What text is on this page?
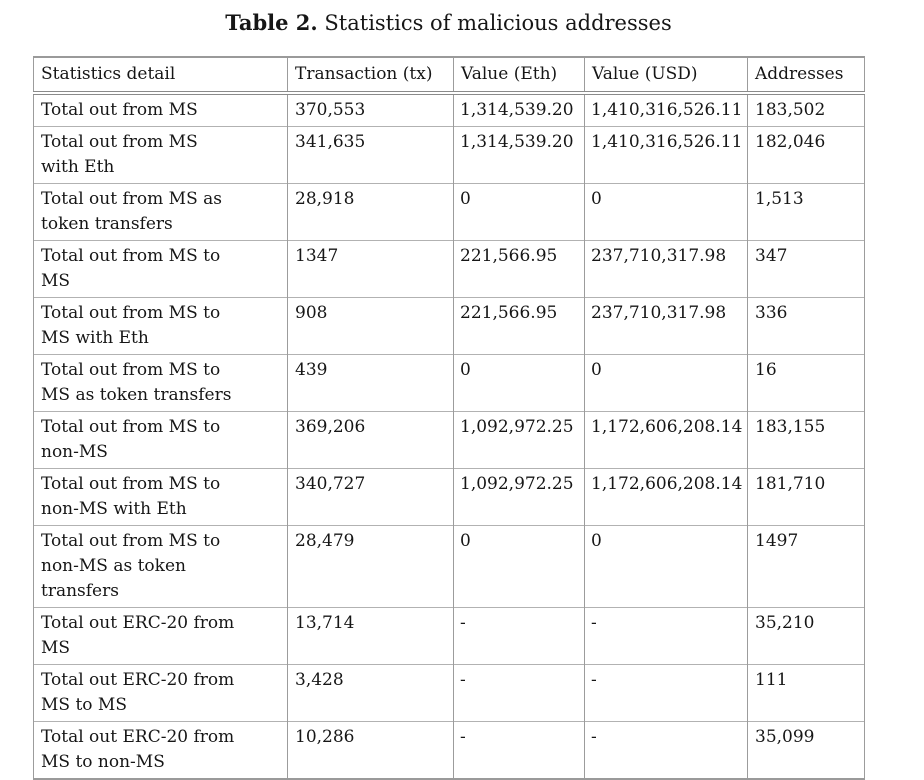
Table 2. Statistics of malicious addresses
Statistics detail	Transaction (tx)	Value (Eth)	Value (USD)	Addresses
Total out from MS	370,553	1,314,539.20	1,410,316,526.11	183,502
Total out from MS with Eth	341,635	1,314,539.20	1,410,316,526.11	182,046
Total out from MS as token transfers	28,918	0	0	1,513
Total out from MS to MS	1347	221,566.95	237,710,317.98	347
Total out from MS to MS with Eth	908	221,566.95	237,710,317.98	336
Total out from MS to MS as token transfers	439	0	0	16
Total out from MS to non-MS	369,206	1,092,972.25	1,172,606,208.14	183,155
Total out from MS to non-MS with Eth	340,727	1,092,972.25	1,172,606,208.14	181,710
Total out from MS to non-MS as token transfers	28,479	0	0	1497
Total out ERC-20 from MS	13,714	-	-	35,210
Total out ERC-20 from MS to MS	3,428	-	-	111
Total out ERC-20 from MS to non-MS	10,286	-	-	35,099
